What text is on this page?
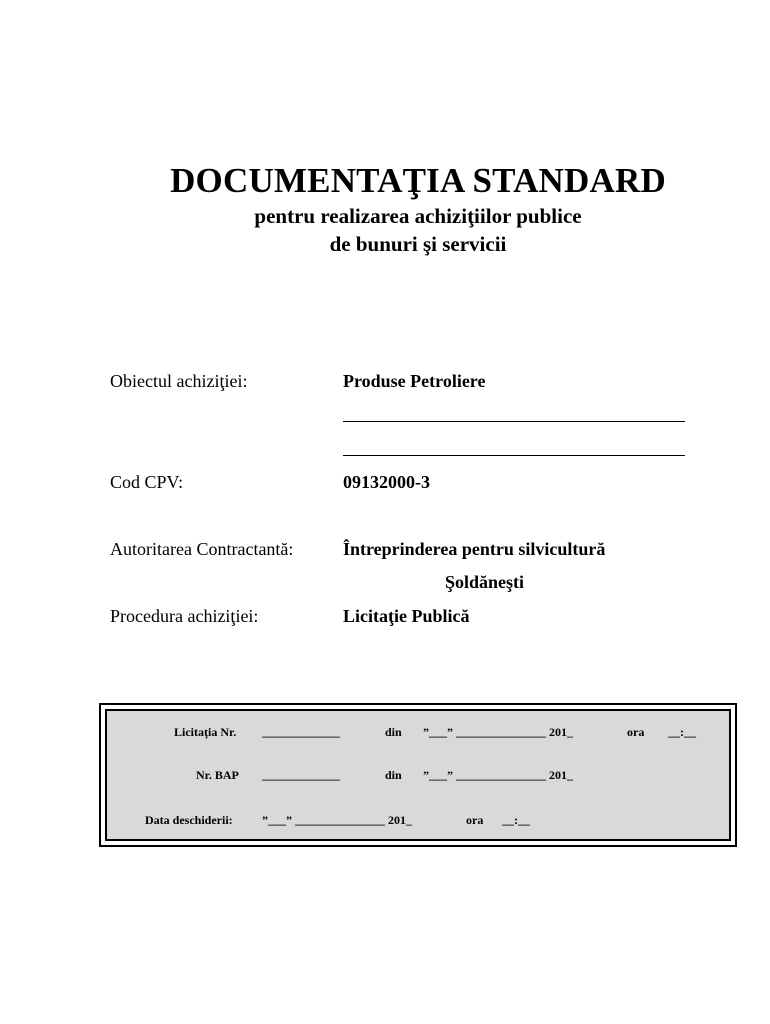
DOCUMENTAŢIA STANDARD
pentru realizarea achiziţiilor publice
de bunuri şi servicii
Obiectul achiziţiei:	Produse Petroliere
Cod CPV:	09132000-3
Autoritarea Contractantă:	Întreprinderea pentru silvicultură
Şoldăneşti
Procedura achiziţiei:	Licitaţie Publică
Licitaţia Nr. _____________	din ”___” _______________ 201_	ora __:__
Nr. BAP _____________	din ”___” _______________ 201_
Data deschiderii: ”___” _______________ 201_	ora __:__
